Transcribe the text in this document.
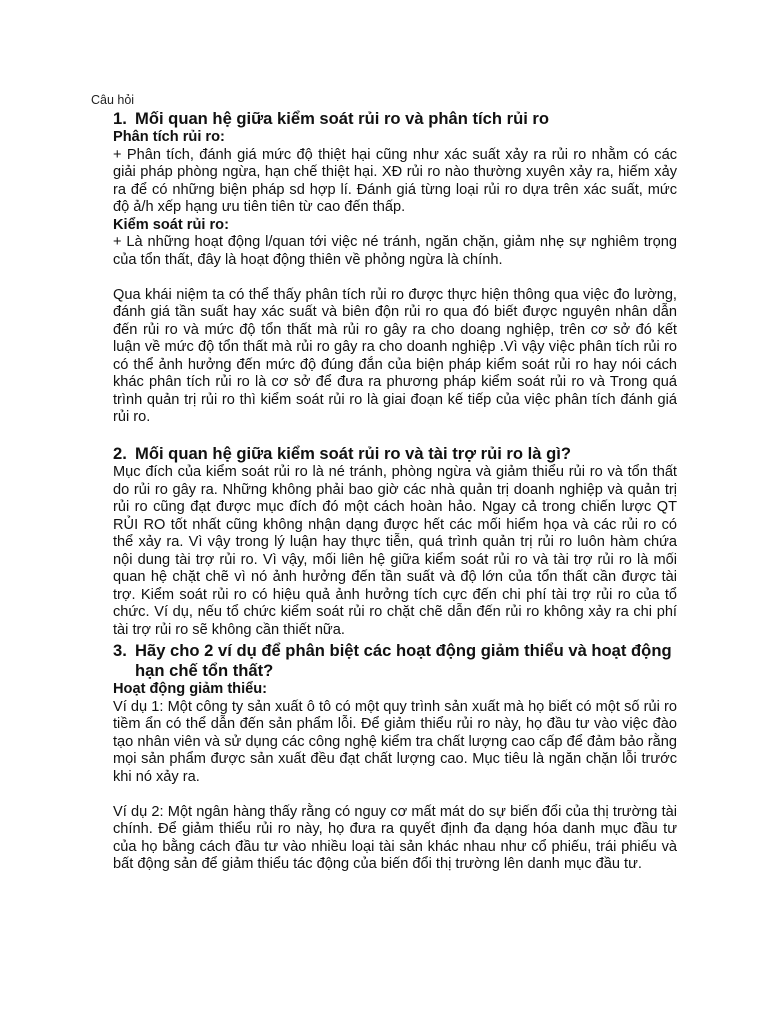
Câu hỏi
1. Mối quan hệ giữa kiểm soát rủi ro và phân tích rủi ro
Phân tích rủi ro:

+ Phân tích, đánh giá mức độ thiệt hại cũng như xác suất xảy ra rủi ro nhằm có các giải pháp phòng ngừa, hạn chế thiệt hại. XĐ rủi ro nào thường xuyên xảy ra, hiếm xảy ra để có những biện pháp sd hợp lí. Đánh giá từng loại rủi ro dựa trên xác suất, mức độ ả/h xếp hạng ưu tiên tiên từ cao đến thấp.

Kiểm soát rủi ro:

+ Là những hoạt động l/quan tới việc né tránh, ngăn chặn, giảm nhẹ sự nghiêm trọng của tổn thất, đây là hoạt động thiên về phỏng ngừa là chính.

Qua khái niệm ta có thể thấy phân tích rủi ro được thực hiện thông qua việc đo lường, đánh giá tần suất hay xác suất và biên độn rủi ro qua đó biết được nguyên nhân dẫn đến rủi ro và mức độ tổn thất mà rủi ro gây ra cho doang nghiệp, trên cơ sở đó kết luận về mức độ tổn thất mà rủi ro gây ra cho doanh nghiệp .Vì vậy việc phân tích rủi ro có thể ảnh hưởng đến mức độ đúng đắn của biện pháp kiểm soát rủi ro hay nói cách khác phân tích rủi ro là cơ sở để đưa ra phương pháp kiểm soát rủi ro và Trong quá trình quản trị rủi ro thì kiểm soát rủi ro là giai đoạn kế tiếp của việc phân tích đánh giá rủi ro.

2. Mối quan hệ giữa kiểm soát rủi ro và tài trợ rủi ro là gì?

Mục đích của kiểm soát rủi ro là né tránh, phòng ngừa và giảm thiểu rủi ro và tổn thất do rủi ro gây ra. Những không phải bao giờ các nhà quản trị doanh nghiệp và quản trị rủi ro cũng đạt được mục đích đó một cách hoàn hảo. Ngay cả trong chiến lược QT RỦI RO tốt nhất cũng không nhận dạng được hết các mối hiểm họa và các rủi ro có thể xảy ra. Vì vậy trong lý luận hay thực tiễn, quá trình quản trị rủi ro luôn hàm chứa nội dung tài trợ rủi ro. Vì vậy, mối liên hệ giữa kiểm soát rủi ro và tài trợ rủi ro là mối quan hệ chặt chẽ vì nó ảnh hưởng đến tần suất và độ lớn của tổn thất cần được tài trợ. Kiểm soát rủi ro có hiệu quả ảnh hưởng tích cực đến chi phí tài trợ rủi ro của tổ chức. Ví dụ, nếu tổ chức kiểm soát rủi ro chặt chẽ dẫn đến rủi ro không xảy ra chi phí tài trợ rủi ro sẽ không cần thiết nữa.

3. Hãy cho 2 ví dụ để phân biệt các hoạt động giảm thiểu và hoạt động hạn chế tổn thất?
Hoạt động giảm thiểu:

Ví dụ 1: Một công ty sản xuất ô tô có một quy trình sản xuất mà họ biết có một số rủi ro tiềm ẩn có thể dẫn đến sản phẩm lỗi. Để giảm thiểu rủi ro này, họ đầu tư vào việc đào tạo nhân viên và sử dụng các công nghệ kiểm tra chất lượng cao cấp để đảm bảo rằng mọi sản phẩm được sản xuất đều đạt chất lượng cao. Mục tiêu là ngăn chặn lỗi trước khi nó xảy ra.

Ví dụ 2: Một ngân hàng thấy rằng có nguy cơ mất mát do sự biến đổi của thị trường tài chính. Để giảm thiểu rủi ro này, họ đưa ra quyết định đa dạng hóa danh mục đầu tư của họ bằng cách đầu tư vào nhiều loại tài sản khác nhau như cổ phiếu, trái phiếu và bất động sản để giảm thiểu tác động của biến đổi thị trường lên danh mục đầu tư.
